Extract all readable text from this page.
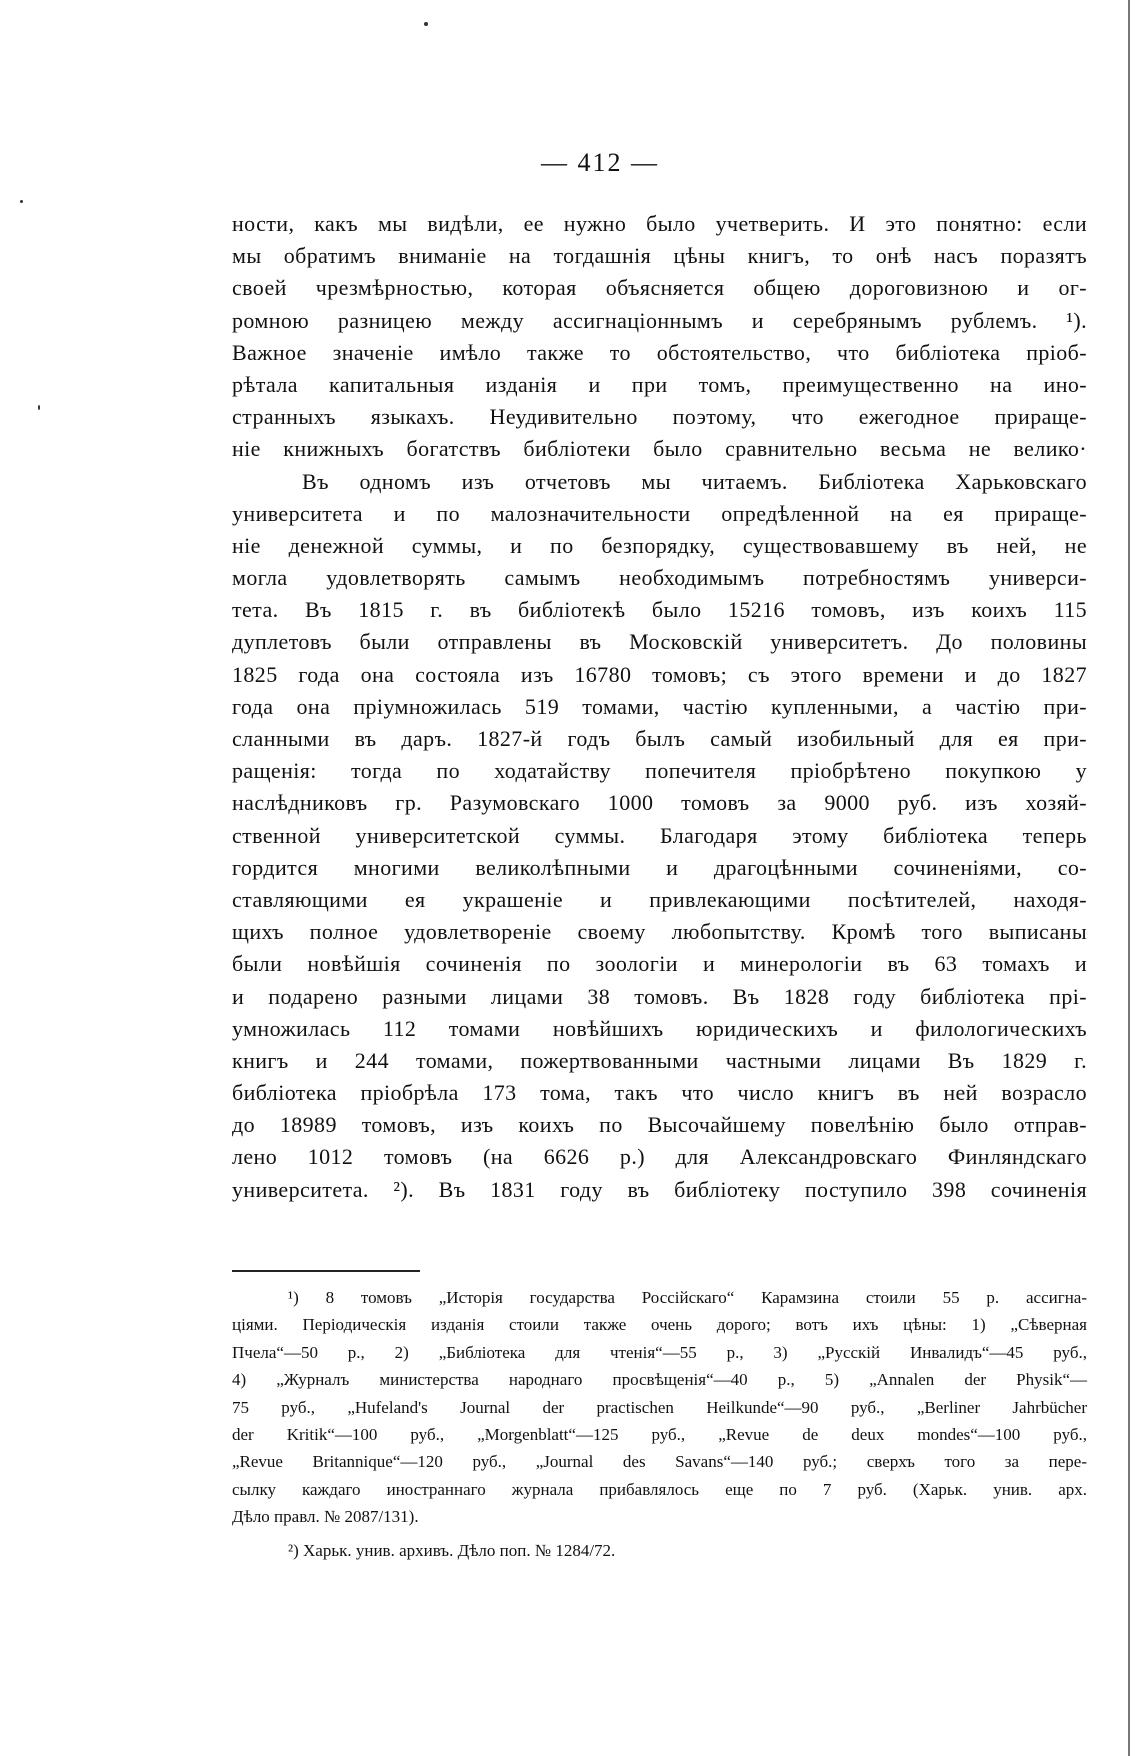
— 412 —
ности, какъ мы видѣли, ее нужно было учетверить. И это понятно: если
мы обратимъ вниманіе на тогдашнія цѣны книгъ, то онѣ насъ поразятъ
своей чрезмѣрностью, которая объясняется общею дороговизною и ог-
ромною разницею между ассигнаціоннымъ и серебрянымъ рублемъ. ¹).
Важное значеніе имѣло также то обстоятельство, что библіотека пріоб-
рѣтала капитальныя изданія и при томъ, преимущественно на ино-
странныхъ языкахъ. Неудивительно поэтому, что ежегодное приращe-
ніе книжныхъ богатствъ библіотеки было сравнительно весьма не велико·
Въ одномъ изъ отчетовъ мы читаемъ. Библіотека Харьковскаго
университета и по малозначительности опредѣленной на ея прираще-
ніе денежной суммы, и по безпорядку, существовавшему въ ней, не
могла удовлетворять самымъ необходимымъ потребностямъ универси-
тета. Въ 1815 г. въ библіотекѣ было 15216 томовъ, изъ коихъ 115
дуплетовъ были отправлены въ Московскій университетъ. До половины
1825 года она состояла изъ 16780 томовъ; съ этого времени и до 1827
года она пріумножилась 519 томами, частію купленными, а частію при-
сланными въ даръ. 1827-й годъ былъ самый изобильный для ея при-
ращенія: тогда по ходатайству попечителя пріобрѣтено покупкою у
наслѣдниковъ гр. Разумовскаго 1000 томовъ за 9000 руб. изъ хозяй-
ственной университетской суммы. Благодаря этому библіотека теперь
гордится многими великолѣпными и драгоцѣнными сочиненіями, со-
ставляющими ея украшеніе и привлекающими посѣтителей, находя-
щихъ полное удовлетвореніе своему любопытству. Кромѣ того выписаны
были новѣйшія сочиненія по зоологіи и минерологіи въ 63 томахъ и
и подарено разными лицами 38 томовъ. Въ 1828 году библіотека прі-
умножилась 112 томами новѣйшихъ юридическихъ и филологическихъ
книгъ и 244 томами, пожертвованными частными лицами Въ 1829 г.
библіотека пріобрѣла 173 тома, такъ что число книгъ въ ней возрасло
до 18989 томовъ, изъ коихъ по Высочайшему повелѣнію было отправ-
лено 1012 томовъ (на 6626 р.) для Александровскаго Финляндскаго
университета. ²). Въ 1831 году въ библіотеку поступило 398 сочиненія
¹) 8 томовъ „Исторія государства Россійскаго“ Карамзина стоили 55 р. ассигна-
ціями. Періодическія изданія стоили также очень дорого; вотъ ихъ цѣны: 1) „Сѣверная
Пчела“—50 р., 2) „Библіотека для чтенія“—55 р., 3) „Русскій Инвалидъ“—45 руб.,
4) „Журналъ министерства народнаго просвѣщенія“—40 р., 5) „Annalen der Physik“—
75 руб., „Hufeland's Journal der practischen Heilkunde“—90 руб., „Berliner Jahrbücher
der Kritik“—100 руб., „Morgenblatt“—125 руб., „Revue de deux mondes“—100 руб.,
„Revue Britannique“—120 руб., „Journal des Savans“—140 руб.; сверхъ того за пере-
сылку каждаго иностраннаго журнала прибавлялось еще по 7 руб. (Харьк. унив. арх.
Дѣло правл. № 2087/131).
²) Харьк. унив. архивъ. Дѣло поп. № 1284/72.
